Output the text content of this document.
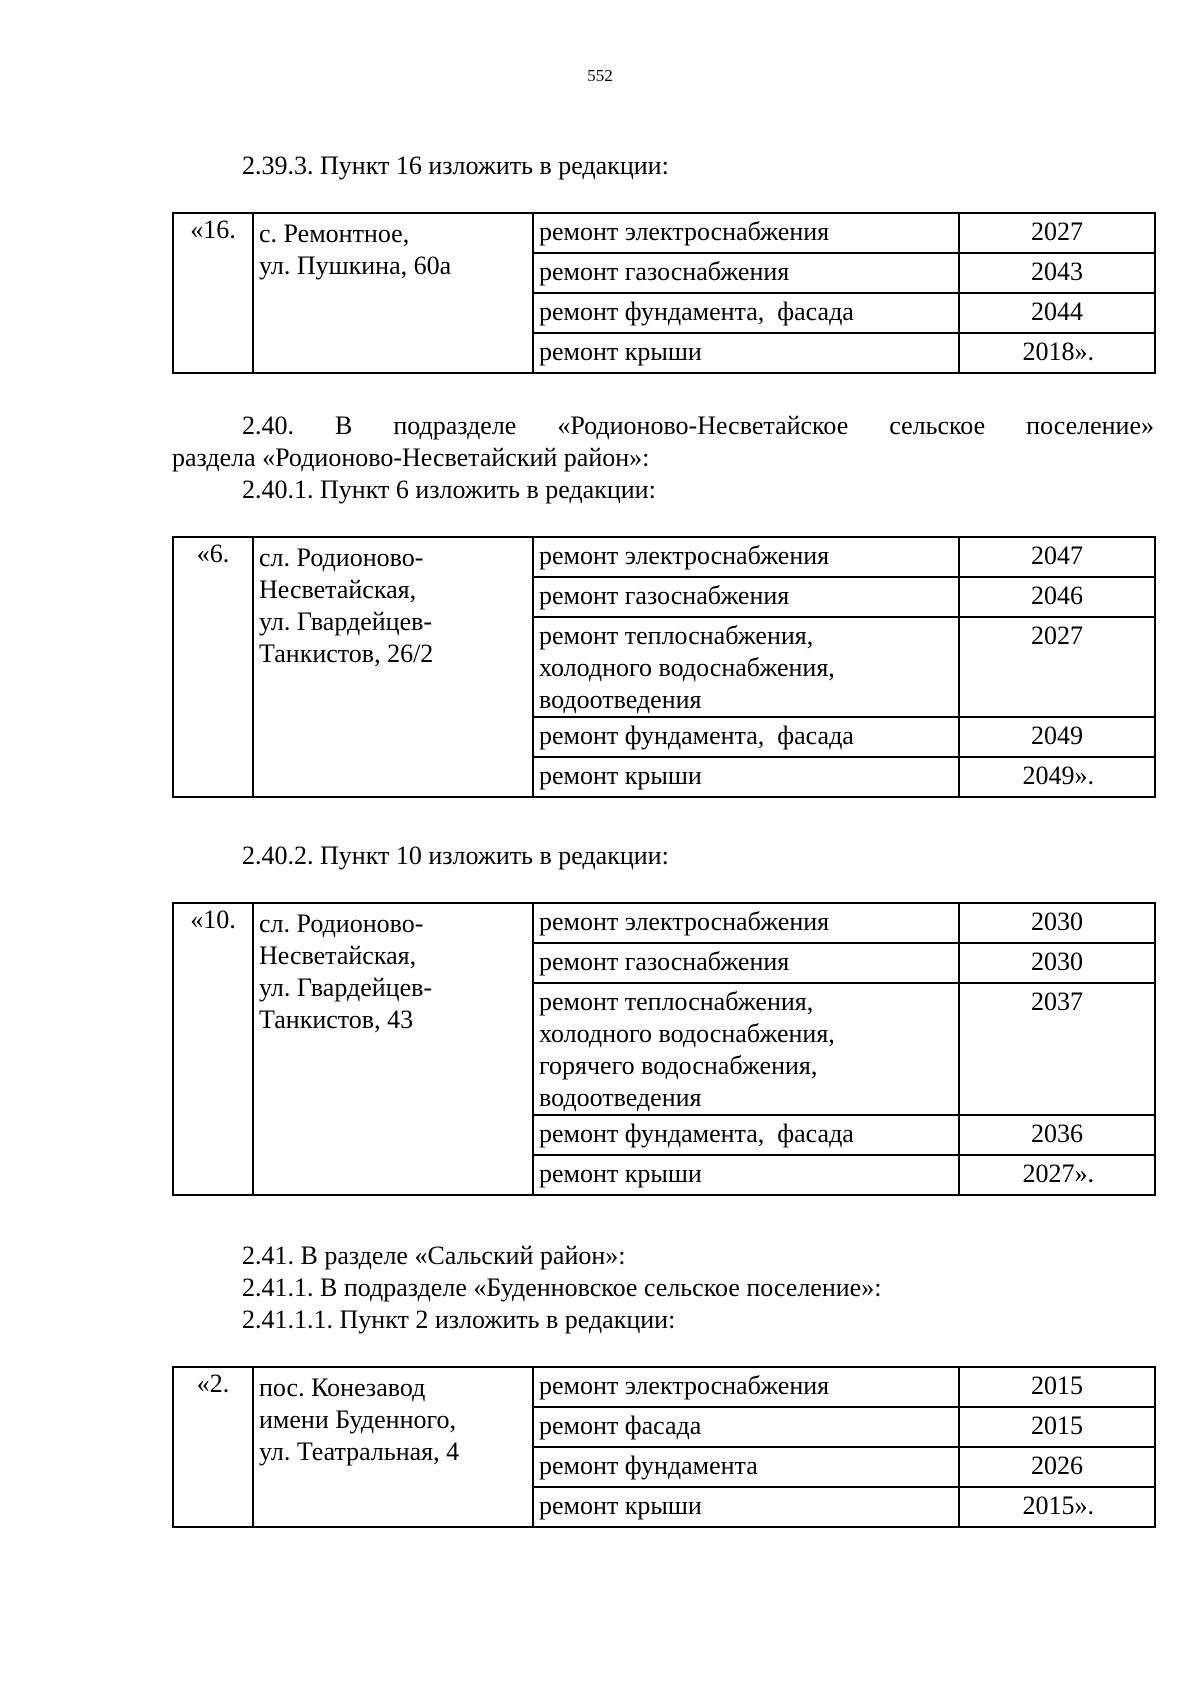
552
2.39.3. Пункт 16 изложить в редакции:
«16.	с. Ремонтное,
ул. Пушкина, 60а	ремонт электроснабжения	2027
		ремонт газоснабжения	2043
		ремонт фундамента,  фасада	2044
		ремонт крыши	2018».
2.40. В подразделе «Родионово-Несветайское сельское поселение»
раздела «Родионово-Несветайский район»:
2.40.1. Пункт 6 изложить в редакции:
«6.	сл. Родионово-
Несветайская,
ул. Гвардейцев-
Танкистов, 26/2	ремонт электроснабжения	2047

		ремонт газоснабжения	2046

		ремонт теплоснабжения,
холодного водоснабжения,
водоотведения	2027

		ремонт фундамента,  фасада	2049

		ремонт крыши	2049».
2.40.2. Пункт 10 изложить в редакции:
«10.	сл. Родионово-
Несветайская,
ул. Гвардейцев-
Танкистов, 43	ремонт электроснабжения	2030

		ремонт газоснабжения	2030

		ремонт теплоснабжения,
холодного водоснабжения,
горячего водоснабжения,
водоотведения	2037

		ремонт фундамента,  фасада	2036

		ремонт крыши	2027».
2.41. В разделе «Сальский район»:
2.41.1. В подразделе «Буденновское сельское поселение»:
2.41.1.1. Пункт 2 изложить в редакции:
«2.	пос. Конезавод
имени Буденного,
ул. Театральная, 4	ремонт электроснабжения	2015
		ремонт фасада	2015
		ремонт фундамента	2026
		ремонт крыши	2015».
